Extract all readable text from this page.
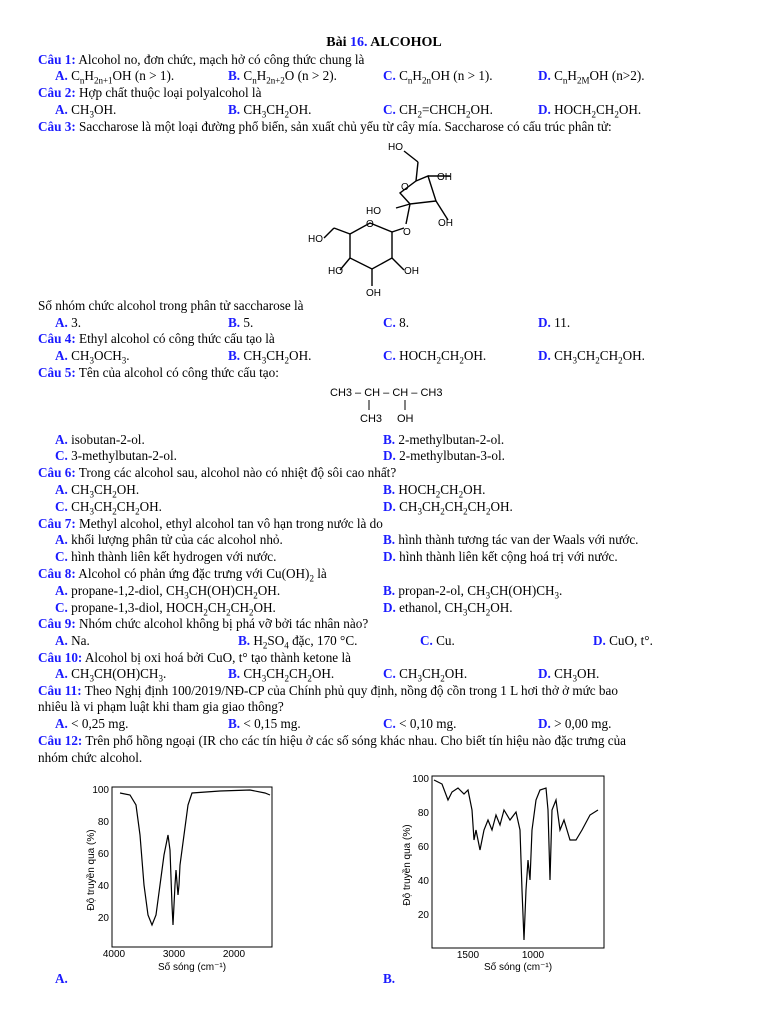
Bài 16. ALCOHOL
Câu 1: Alcohol no, đơn chức, mạch hở có công thức chung là
A. $C_nH_{2n+1}OH$ (n > 1).	B. $C_nH_{2n+2}O$ (n > 2).	C. $C_nH_{2n}OH$ (n > 1).	D. $C_nH_{2M}OH$ (n>2).
Câu 2: Hợp chất thuộc loại polyalcohol là
A. $CH_3OH$.	B. $CH_3CH_2OH$.	C. $CH_2=CHCH_2OH$.	D. $HOCH_2CH_2OH$.
Câu 3: Saccharose là một loại đường phổ biến, sản xuất chủ yếu từ cây mía. Saccharose có cấu trúc phân tử:
HO
OH
O
HO
OH
O
O
HO
HO	OH
OH
Số nhóm chức alcohol trong phân tử saccharose là
A. 3.	B. 5.	C. 8.	D. 11.
Câu 4: Ethyl alcohol có công thức cấu tạo là
A. $CH_3OCH_3$.	B. $CH_3CH_2OH$.	C. $HOCH_2CH_2OH$.	D. $CH_3CH_2CH_2OH$.
Câu 5: Tên của alcohol có công thức cấu tạo:
CH3 – CH – CH – CH3
CH3 OH
A. isobutan-2-ol.	B. 2-methylbutan-2-ol.
C. 3-methylbutan-2-ol.	D. 2-methylbutan-3-ol.
Câu 6: Trong các alcohol sau, alcohol nào có nhiệt độ sôi cao nhất?
A. $CH_3CH_2OH$.	B. $HOCH_2CH_2OH$.
C. $CH_3CH_2CH_2OH$.	D. $CH_3CH_2CH_2CH_2OH$.
Câu 7: Methyl alcohol, ethyl alcohol tan vô hạn trong nước là do
A. khối lượng phân tử của các alcohol nhỏ.	B. hình thành tương tác van der Waals với nước.
C. hình thành liên kết hydrogen với nước.	D. hình thành liên kết cộng hoá trị với nước.
Câu 8: Alcohol có phản ứng đặc trưng với $Cu(OH)_2$ là
A. propane-1,2-diol, $CH_3CH(OH)CH_2OH$.	B. propan-2-ol, $CH_3CH(OH)CH_3$.
C. propane-1,3-diol, $HOCH_2CH_2CH_2OH$.	D. ethanol, $CH_3CH_2OH$.
Câu 9: Nhóm chức alcohol không bị phá vỡ bởi tác nhân nào?
A. Na.	B. $H_2SO_4$ đặc, 170 °C.	C. Cu.	D. CuO, t°.
Câu 10: Alcohol bị oxi hoá bởi CuO, t° tạo thành ketone là
A. $CH_3CH(OH)CH_3$.	B. $CH_3CH_2CH_2OH$.	C. $CH_3CH_2OH$.	D. $CH_3OH$.
Câu 11: Theo Nghị định 100/2019/NĐ-CP của Chính phủ quy định, nồng độ cồn trong 1 L hơi thở ở mức bao
nhiêu là vi phạm luật khi tham gia giao thông?
A. < 0,25 mg.	B. < 0,15 mg.	C. < 0,10 mg.	D. > 0,00 mg.
Câu 12: Trên phổ hồng ngoại (IR cho các tín hiệu ở các số sóng khác nhau. Cho biết tín hiệu nào đặc trưng của
nhóm chức alcohol.
100
80
60
40
20
4000	3000	2000
Số sóng (cm⁻¹)
Độ truyền qua (%)
100
80
60
40
20
1500	1000
Số sóng (cm⁻¹)
Độ truyền qua (%)
A.	B.
